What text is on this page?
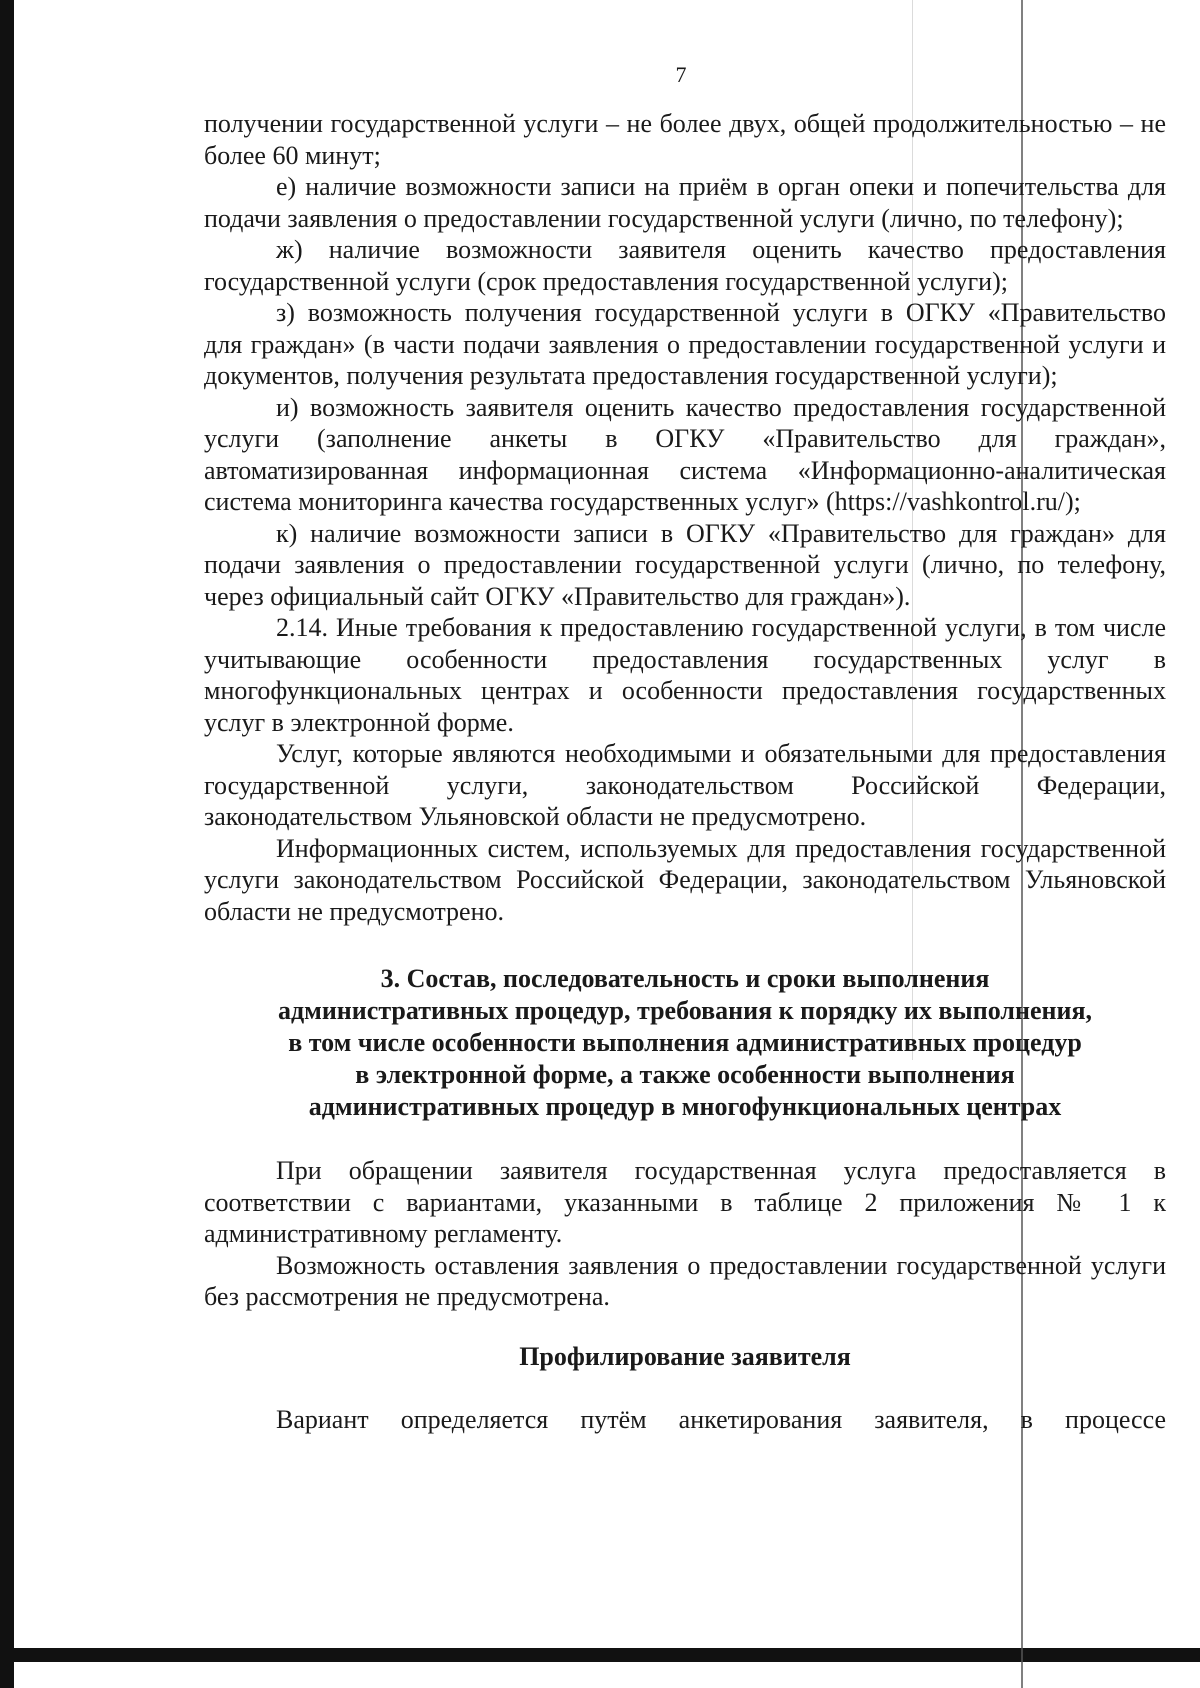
7

получении государственной услуги – не более двух, общей продолжительностью – не более 60 минут;

е) наличие возможности записи на приём в орган опеки и попечительства для подачи заявления о предоставлении государственной услуги (лично, по телефону);

ж) наличие возможности заявителя оценить качество предоставления государственной услуги (срок предоставления государственной услуги);

з) возможность получения государственной услуги в ОГКУ «Правительство для граждан» (в части подачи заявления о предоставлении государственной услуги и документов, получения результата предоставления государственной услуги);

и) возможность заявителя оценить качество предоставления государственной услуги (заполнение анкеты в ОГКУ «Правительство для граждан», автоматизированная информационная система «Информационно-аналитическая система мониторинга качества государственных услуг» (https://vashkontrol.ru/);

к) наличие возможности записи в ОГКУ «Правительство для граждан» для подачи заявления о предоставлении государственной услуги (лично, по телефону, через официальный сайт ОГКУ «Правительство для граждан»).

2.14. Иные требования к предоставлению государственной услуги, в том числе учитывающие особенности предоставления государственных услуг в многофункциональных центрах и особенности предоставления государственных услуг в электронной форме.

Услуг, которые являются необходимыми и обязательными для предоставления государственной услуги, законодательством Российской Федерации, законодательством Ульяновской области не предусмотрено.

Информационных систем, используемых для предоставления государственной услуги законодательством Российской Федерации, законодательством Ульяновской области не предусмотрено.

3. Состав, последовательность и сроки выполнения
административных процедур, требования к порядку их выполнения,
в том числе особенности выполнения административных процедур
в электронной форме, а также особенности выполнения
административных процедур в многофункциональных центрах

При обращении заявителя государственная услуга предоставляется в соответствии с вариантами, указанными в таблице 2 приложения № 1 к административному регламенту.

Возможность оставления заявления о предоставлении государственной услуги без рассмотрения не предусмотрена.

Профилирование заявителя

Вариант определяется путём анкетирования заявителя, в процессе
